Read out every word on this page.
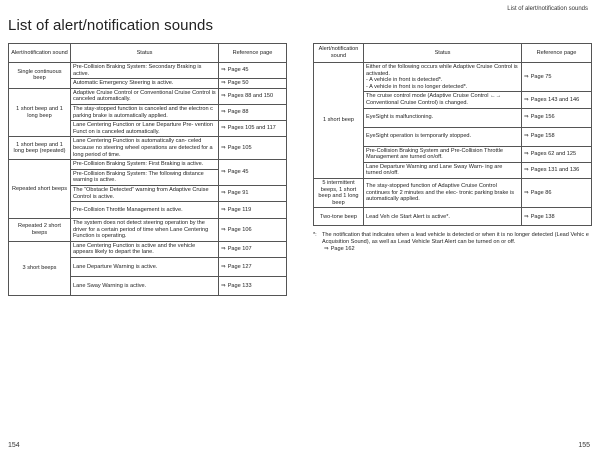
List of alert/notification sounds
List of alert/notification sounds
Alert/notification sound	Status	Reference page
Single continuous beep	Pre-Collision Braking System: Secondary Braking is active.	⇒ Page 45
	Automatic Emergency Steering is active.	⇒ Page 50
1 short beep and 1 long beep	Adaptive Cruise Control or Conventional Cruise Control is canceled automatically.	⇒ Pages 88 and 150
	The stay-stopped function is canceled and the electron c parking brake is automatically applied.	⇒ Page 88
	Lane Centering Function or Lane Departure Pre- vention Funct on is canceled automatically.	⇒ Pages 105 and 117
1 short beep and 1 long beep (repeated)	Lane Centering Function is automatically can- celed because no steering wheel operations are detected for a long period of time.	⇒ Page 105
Repeated short beeps	Pre-Collision Braking System: First Braking is active.	⇒ Page 45
	Pre-Collision Braking System: The following distance warning is active.	
	The “Obstacle Detected” warning from Adaptive Cruise Control is active.	⇒ Page 91
	Pre-Collision Throttle Management is active.	⇒ Page 119
Repeated 2 short beeps	The system does not detect steering operation by the driver for a certain period of time when Lane Centering Function is operating.	⇒ Page 106
3 short beeps	Lane Centering Function is active and the vehicle appears likely to depart the lane.	⇒ Page 107
	Lane Departure Warning is active.	⇒ Page 127
	Lane Sway Warning is active.	⇒ Page 133
Alert/notification sound	Status	Reference page
1 short beep	Either of the following occurs while Adaptive Cruise Control is activated.
- A vehicle in front is detected*.
- A vehicle in front is no longer detected*.	⇒ Page 75
	The cruise control mode (Adaptive Cruise Control ←→ Conventional Cruise Control) is changed.	⇒ Pages 143 and 146
	EyeSight is malfunctioning.	⇒ Page 156
	EyeSight operation is temporarily stopped.	⇒ Page 158
	Pre-Collision Braking System and Pre-Collision Throttle Management are turned on/off.	⇒ Pages 62 and 125
	Lane Departure Warning and Lane Sway Warn- ing are turned on/off.	⇒ Pages 131 and 136
5 intermittent beeps, 1 short beep and 1 long beep	The stay-stopped function of Adaptive Cruise Control continues for 2 minutes and the elec- tronic parking brake is automatically applied.	⇒ Page 86
Two-tone beep	Lead Veh cle Start Alert is active*.	⇒ Page 138
*: The notification that indicates when a lead vehicle is detected or when it is no longer detected (Lead Vehic e Acquisition Sound), as well as Lead Vehicle Start Alert can be turned on or off.
⇒ Page 162
154	155
